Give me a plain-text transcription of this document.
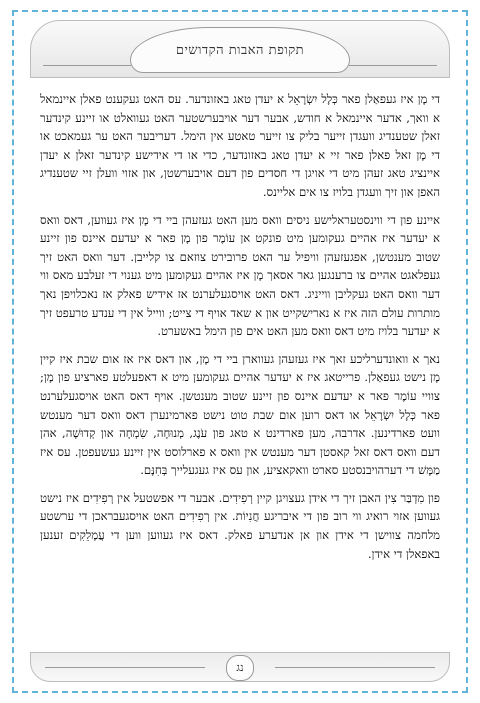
תקופת האבות הקדושים

די מָן איז געפאַלן פאר כְּלָל יִשְׂרָאֵל א יעדן טאג באזונדער. עס האט געקענט פאלן איינמאל א וואך, אדער איינמאל א חודש, אבער דער אויבערשטער האט געוואלט או זיינע קינדער זאלן שטענדיג וועגדן זייער בליק צו זייער טאטע אין הימל. דעריבער האט ער געמאכט או די מָן זאל פאלן פאר זיי א יעדן טאג באזונדער, כדי או די אידישע קינדער זאלן א יעדן איינציג טאג זעהן מיט די אויגן די חסדים פון דעם אויבערשטן, און אזוי וועלן זיי שטענדיג האפן און זיך וועגדן בלויז צו אים אליינס.

איינע פון די ווינסטעראלישע ניסים וואס מען האט געזעהן ביי די מָן איז געווען, דאס וואס א יעדער איז אהיים געקומען מיט פונקט אן עוֹמֶר פון מָן פאר א יעדעם איינס פון זיינע שטוב מענטשן, אפגעזעהן וויפיל ער האט פרובירט צוזאם צו קלייבן. דער וואס האט זיך געפלאגט אהיים צו ברענגען גאר אסאך מָן איז אהיים געקומען מיט גענוי די זעלבע מאס ווי דער וואס האט געקליבן ווייניג. דאס האט אויסגעלערנט אז אידיש פאלק אז נאכלויפן נאך מותרות עולם הזה איז א נארישקייט און א שאד אויף די צייט; ווייל אין די ענדע טרעפט זיך א יעדער בלויז מיט דאס וואס מען האט אים פון הימל באשערט.

נאך א וואונדערליכע זאך איז געזעהן געווארן ביי די מָן, און דאס איז אז אום שבת איז קיין מָן נישט געפאַלן. פרייטאג איז א יעדער אהיים געקומען מיט א דאפעלטע פארציע פון מָן; צוויי עוֹמֶר פאר א יעדעם איינס פון זיינע שטוב מענטשן. אויף דאס האט אויסגעלערנט פאר כְּלָל יִשְׂרָאֵל או דאס רוען אום שבת טוט נישט פארמינערן דאס וואס דער מענטש וועט פארדינען. אדרבה, מען פארדינט א טאג פון עֹנֶג, מְנוּחָה, שִׂמְחָה און קְדוּשָׁה, אהן דעם וואס דאס זאל קאסטן דער מענטש אין וואס א פארלוסט אין זיינע געשעפטן. עס איז מַמָּשׁ די דערהויבנסטע סארט וואקאציע, און עס איז געגעלייך בְּחִנָּם.

פון מִדְבַּר צִין האבן זיך די אידן געצויגן קיין רְפִידִים. אבער די אפשטעל אין רְפִידִים איז נישט געווען אזוי רואיג ווי רוב פון די איבריגע חֲנִיוֹת. אין רְפִידִים האט אויסגעבראכן די ערשטע מלחמה צווישן די אידן און אן אנדערע פאלק. דאס איז געווען ווען די עֲמָלֵקִים זענען באפאלן די אידן.

נג
